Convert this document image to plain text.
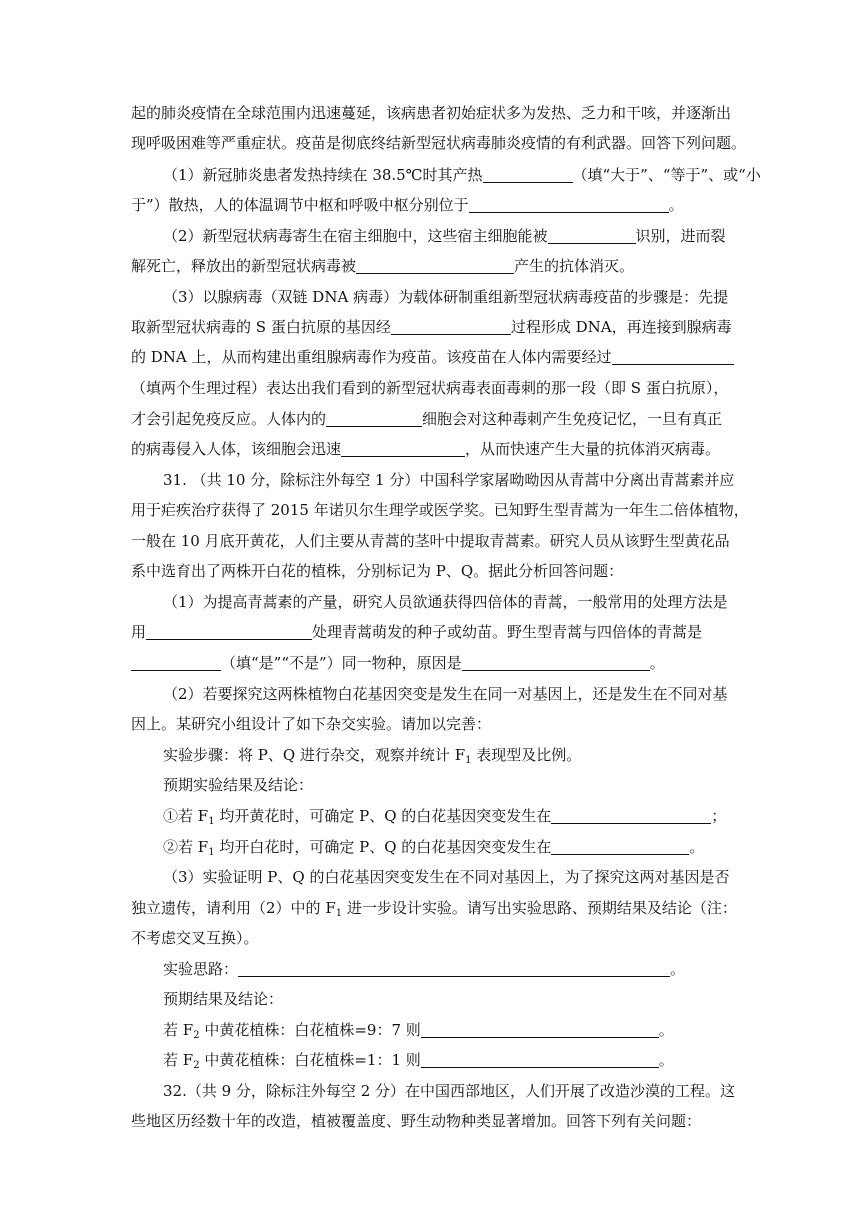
起的肺炎疫情在全球范围内迅速蔓延，该病患者初始症状多为发热、乏力和干咳，并逐渐出
现呼吸困难等严重症状。疫苗是彻底终结新型冠状病毒肺炎疫情的有利武器。回答下列问题。
（1）新冠肺炎患者发热持续在 38.5℃时其产热	（填“大于”、“等于”、或“小
于”）散热，人的体温调节中枢和呼吸中枢分别位于	。
（2）新型冠状病毒寄生在宿主细胞中，这些宿主细胞能被	识别，进而裂
解死亡，释放出的新型冠状病毒被	产生的抗体消灭。
（3）以腺病毒（双链 DNA 病毒）为载体研制重组新型冠状病毒疫苗的步骤是：先提
取新型冠状病毒的 S 蛋白抗原的基因经	过程形成 DNA，再连接到腺病毒
的 DNA 上，从而构建出重组腺病毒作为疫苗。该疫苗在人体内需要经过
（填两个生理过程）表达出我们看到的新型冠状病毒表面毒刺的那一段（即 S 蛋白抗原），
才会引起免疫反应。人体内的	细胞会对这种毒刺产生免疫记忆，一旦有真正
的病毒侵入人体，该细胞会迅速	，从而快速产生大量的抗体消灭病毒。
31. （共 10 分，除标注外每空 1 分）中国科学家屠呦呦因从青蒿中分离出青蒿素并应
用于疟疾治疗获得了 2015 年诺贝尔生理学或医学奖。已知野生型青蒿为一年生二倍体植物，
一般在 10 月底开黄花，人们主要从青蒿的茎叶中提取青蒿素。研究人员从该野生型黄花品
系中选育出了两株开白花的植株，分别标记为 P、Q。据此分析回答问题：
（1）为提高青蒿素的产量，研究人员欲通获得四倍体的青蒿，一般常用的处理方法是
用	处理青蒿萌发的种子或幼苗。野生型青蒿与四倍体的青蒿是
（填“是”“不是”）同一物种，原因是	。
（2）若要探究这两株植物白花基因突变是发生在同一对基因上，还是发生在不同对基
因上。某研究小组设计了如下杂交实验。请加以完善：
实验步骤：将 P、Q 进行杂交，观察并统计 $F_1$ 表现型及比例。
预期实验结果及结论：
①若 $F_1$ 均开黄花时，可确定 P、Q 的白花基因突变发生在	；
②若 $F_1$ 均开白花时，可确定 P、Q 的白花基因突变发生在	。
（3）实验证明 P、Q 的白花基因突变发生在不同对基因上，为了探究这两对基因是否
独立遗传，请利用（2）中的 $F_1$ 进一步设计实验。请写出实验思路、预期结果及结论（注：
不考虑交叉互换）。
实验思路：	。
预期结果及结论：
若 $F_2$ 中黄花植株：白花植株=9：7 则	。
若 $F_2$ 中黄花植株：白花植株=1：1 则	。
32.（共 9 分，除标注外每空 2 分）在中国西部地区，人们开展了改造沙漠的工程。这
些地区历经数十年的改造，植被覆盖度、野生动物种类显著增加。回答下列有关问题：
